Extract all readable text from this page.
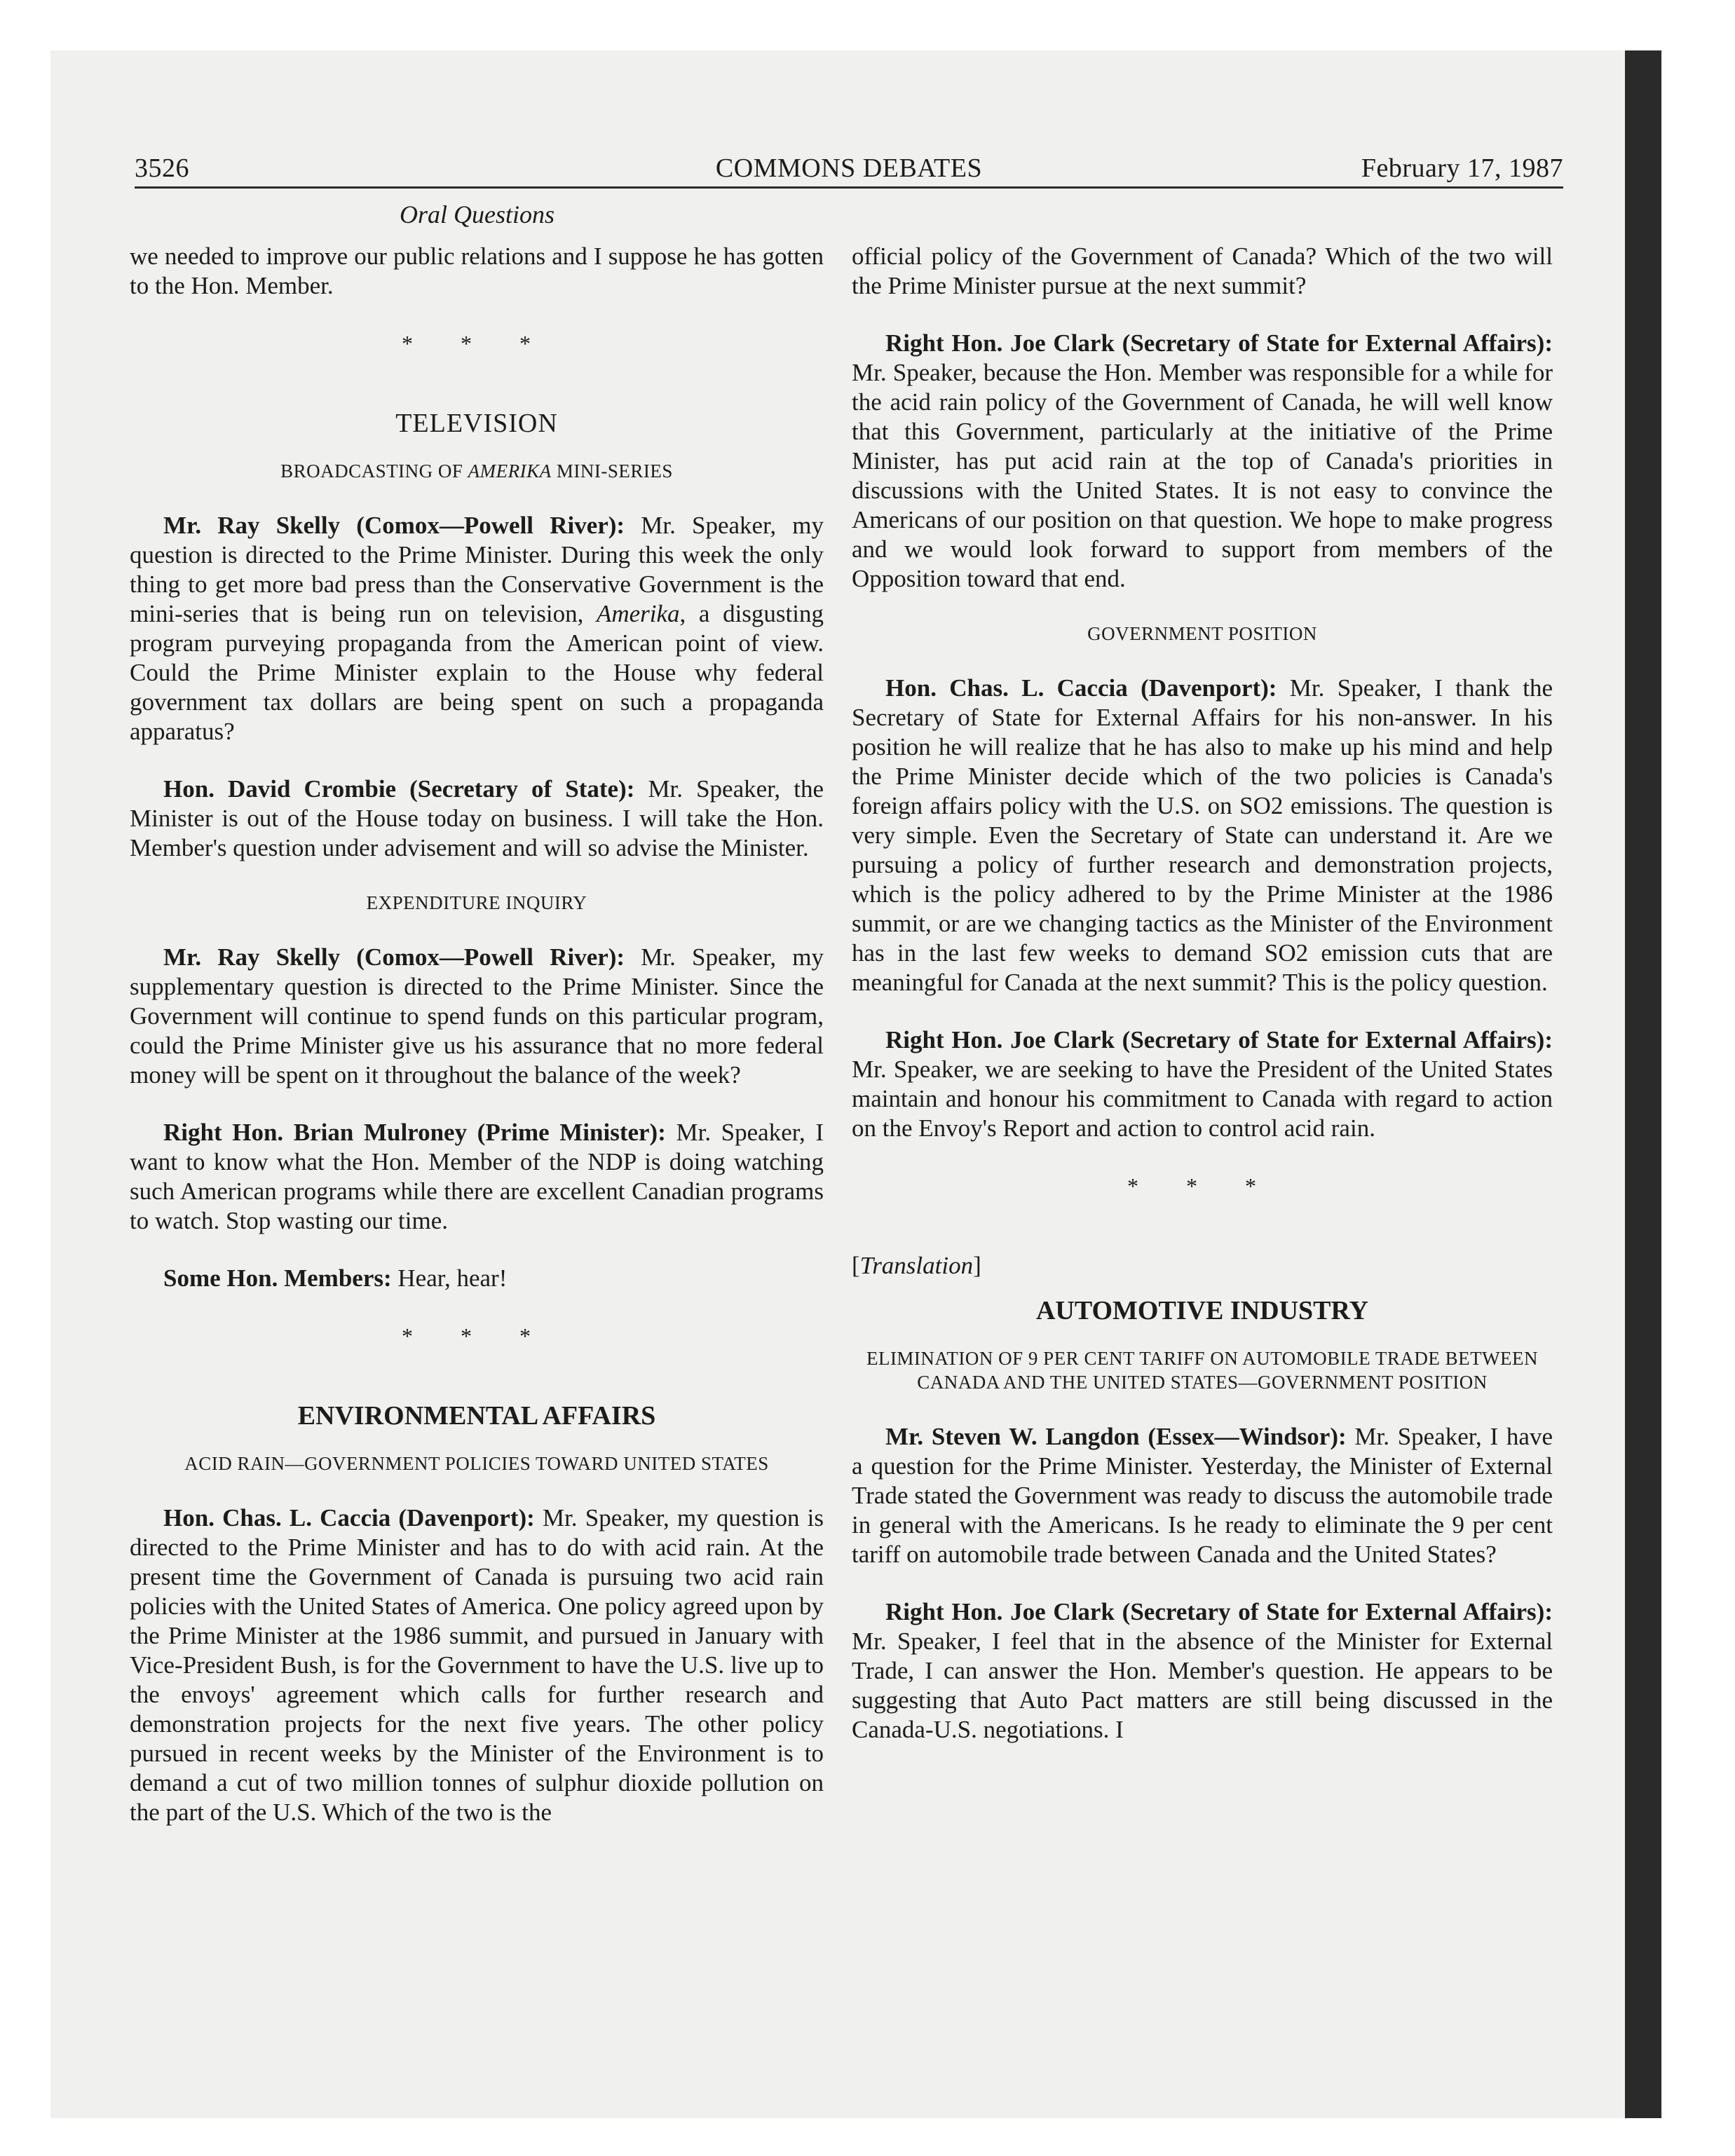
3526	COMMONS DEBATES	February 17, 1987
Oral Questions

we needed to improve our public relations and I suppose he has gotten to the Hon. Member.

* * *
TELEVISION
BROADCASTING OF AMERIKA MINI-SERIES

Mr. Ray Skelly (Comox—Powell River): Mr. Speaker, my question is directed to the Prime Minister. During this week the only thing to get more bad press than the Conservative Government is the mini-series that is being run on television, Amerika, a disgusting program purveying propaganda from the American point of view. Could the Prime Minister explain to the House why federal government tax dollars are being spent on such a propaganda apparatus?

Hon. David Crombie (Secretary of State): Mr. Speaker, the Minister is out of the House today on business. I will take the Hon. Member's question under advisement and will so advise the Minister.

EXPENDITURE INQUIRY

Mr. Ray Skelly (Comox—Powell River): Mr. Speaker, my supplementary question is directed to the Prime Minister. Since the Government will continue to spend funds on this particular program, could the Prime Minister give us his assurance that no more federal money will be spent on it throughout the balance of the week?

Right Hon. Brian Mulroney (Prime Minister): Mr. Speaker, I want to know what the Hon. Member of the NDP is doing watching such American programs while there are excellent Canadian programs to watch. Stop wasting our time.

Some Hon. Members: Hear, hear!

* * *
ENVIRONMENTAL AFFAIRS
ACID RAIN—GOVERNMENT POLICIES TOWARD UNITED STATES

Hon. Chas. L. Caccia (Davenport): Mr. Speaker, my question is directed to the Prime Minister and has to do with acid rain. At the present time the Government of Canada is pursuing two acid rain policies with the United States of America. One policy agreed upon by the Prime Minister at the 1986 summit, and pursued in January with Vice-President Bush, is for the Government to have the U.S. live up to the envoys' agreement which calls for further research and demonstration projects for the next five years. The other policy pursued in recent weeks by the Minister of the Environment is to demand a cut of two million tonnes of sulphur dioxide pollution on the part of the U.S. Which of the two is the

official policy of the Government of Canada? Which of the two will the Prime Minister pursue at the next summit?

Right Hon. Joe Clark (Secretary of State for External Affairs): Mr. Speaker, because the Hon. Member was responsible for a while for the acid rain policy of the Government of Canada, he will well know that this Government, particularly at the initiative of the Prime Minister, has put acid rain at the top of Canada's priorities in discussions with the United States. It is not easy to convince the Americans of our position on that question. We hope to make progress and we would look forward to support from members of the Opposition toward that end.

GOVERNMENT POSITION

Hon. Chas. L. Caccia (Davenport): Mr. Speaker, I thank the Secretary of State for External Affairs for his non-answer. In his position he will realize that he has also to make up his mind and help the Prime Minister decide which of the two policies is Canada's foreign affairs policy with the U.S. on SO2 emissions. The question is very simple. Even the Secretary of State can understand it. Are we pursuing a policy of further research and demonstration projects, which is the policy adhered to by the Prime Minister at the 1986 summit, or are we changing tactics as the Minister of the Environment has in the last few weeks to demand SO2 emission cuts that are meaningful for Canada at the next summit? This is the policy question.

Right Hon. Joe Clark (Secretary of State for External Affairs): Mr. Speaker, we are seeking to have the President of the United States maintain and honour his commitment to Canada with regard to action on the Envoy's Report and action to control acid rain.

* * *
[Translation]
AUTOMOTIVE INDUSTRY
ELIMINATION OF 9 PER CENT TARIFF ON AUTOMOBILE TRADE BETWEEN CANADA AND THE UNITED STATES—GOVERNMENT POSITION

Mr. Steven W. Langdon (Essex—Windsor): Mr. Speaker, I have a question for the Prime Minister. Yesterday, the Minister of External Trade stated the Government was ready to discuss the automobile trade in general with the Americans. Is he ready to eliminate the 9 per cent tariff on automobile trade between Canada and the United States?

Right Hon. Joe Clark (Secretary of State for External Affairs): Mr. Speaker, I feel that in the absence of the Minister for External Trade, I can answer the Hon. Member's question. He appears to be suggesting that Auto Pact matters are still being discussed in the Canada-U.S. negotiations. I
